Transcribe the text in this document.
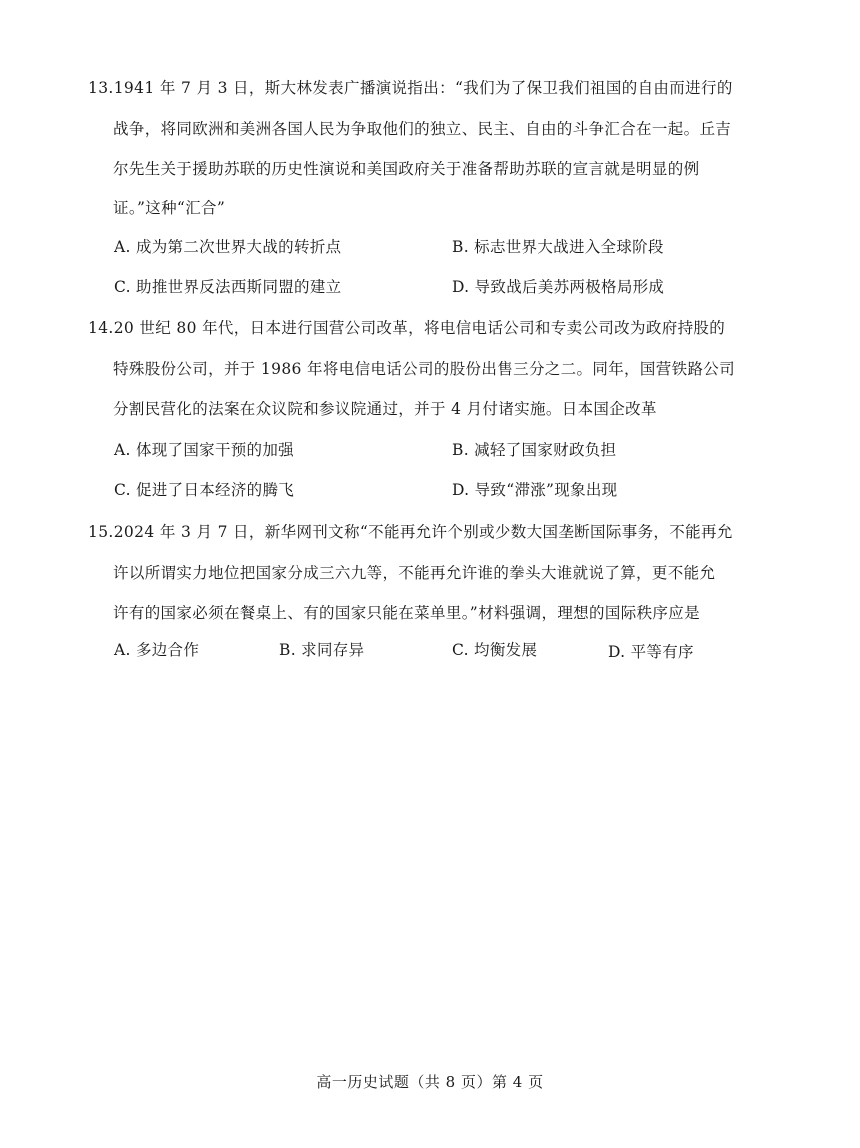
13.1941 年 7 月 3 日，斯大林发表广播演说指出：“我们为了保卫我们祖国的自由而进行的
战争，将同欧洲和美洲各国人民为争取他们的独立、民主、自由的斗争汇合在一起。丘吉
尔先生关于援助苏联的历史性演说和美国政府关于准备帮助苏联的宣言就是明显的例
证。”这种“汇合”
A. 成为第二次世界大战的转折点	B. 标志世界大战进入全球阶段
C. 助推世界反法西斯同盟的建立	D. 导致战后美苏两极格局形成
14.20 世纪 80 年代，日本进行国营公司改革，将电信电话公司和专卖公司改为政府持股的
特殊股份公司，并于 1986 年将电信电话公司的股份出售三分之二。同年，国营铁路公司
分割民营化的法案在众议院和参议院通过，并于 4 月付诸实施。日本国企改革
A. 体现了国家干预的加强	B. 减轻了国家财政负担
C. 促进了日本经济的腾飞	D. 导致“滞涨”现象出现
15.2024 年 3 月 7 日，新华网刊文称“不能再允许个别或少数大国垄断国际事务，不能再允
许以所谓实力地位把国家分成三六九等，不能再允许谁的拳头大谁就说了算，更不能允
许有的国家必须在餐桌上、有的国家只能在菜单里。”材料强调，理想的国际秩序应是
A. 多边合作	B. 求同存异	C. 均衡发展	D. 平等有序
高一历史试题（共 8 页）第 4 页
